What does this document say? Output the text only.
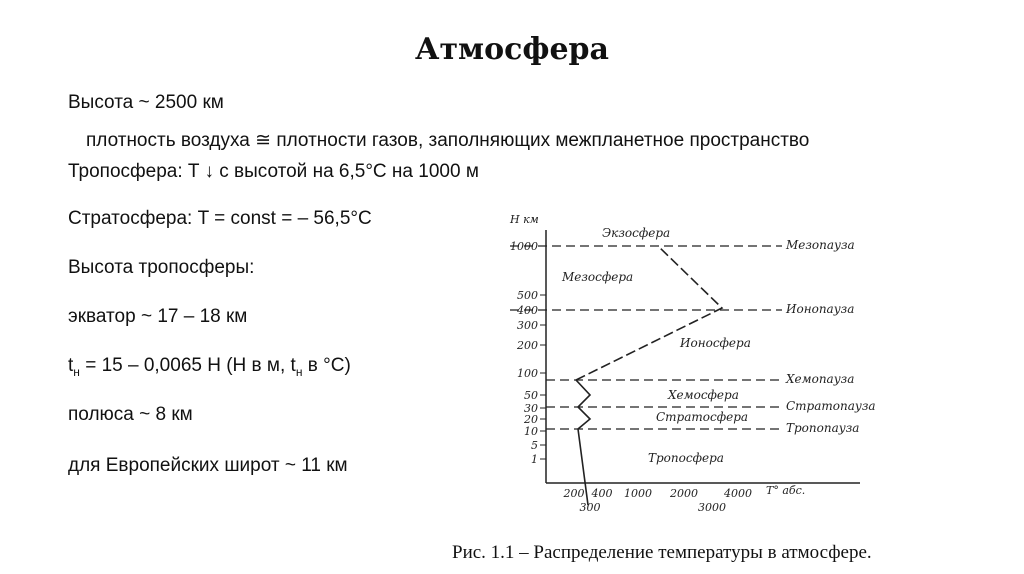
Атмосфера
Высота ~ 2500 км
плотность воздуха ≅ плотности газов, заполняющих межпланетное пространство
Тропосфера: T ↓ с высотой на 6,5°С на 1000 м
Стратосфера: T = const = – 56,5°С
Высота тропосферы:
экватор ~ 17 – 18 км
$t_н = 15 - 0,0065$ H (H в м, $t_н$ в °С)
полюса ~ 8 км
для Европейских широт ~ 11 км
H км
T° абс.
1000
500
400
300
200
100
50
30
20
10
5
1
200 400 1000 2000 4000
300	3000
Экзосфера
Мезосфера
Ионосфера
Хемосфера
Стратосфера
Тропосфера
Мезопауза
Ионопауза
Хемопауза
Стратопауза
Тропопауза
Рис. 1.1 – Распределение температуры в атмосфере.
